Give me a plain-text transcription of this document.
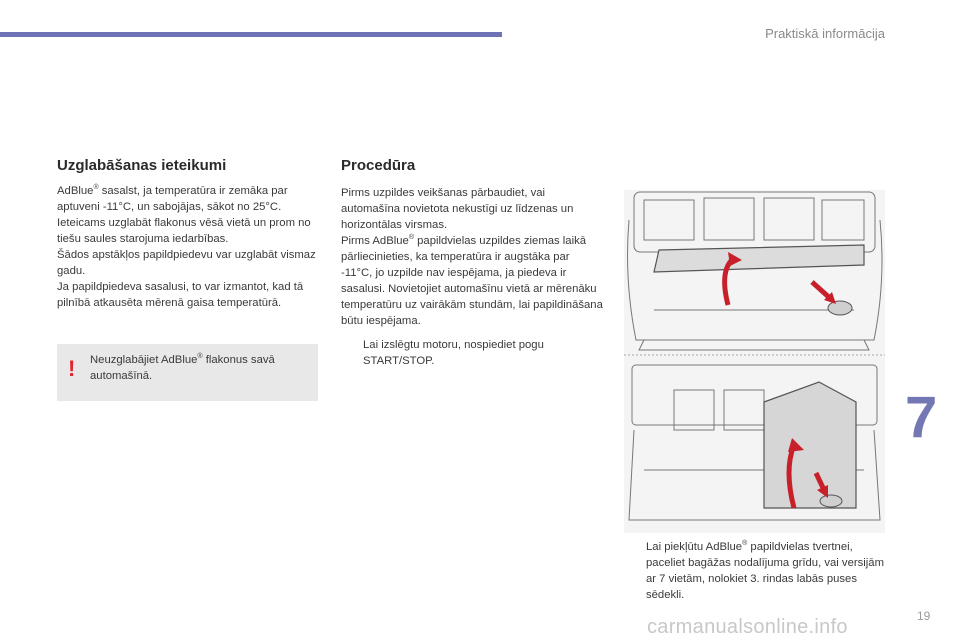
Praktiskā informācija
Uzglabāšanas ieteikumi

AdBlue® sasalst, ja temperatūra ir zemāka par aptuveni -11°C, un sabojājas, sākot no 25°C.

Ieteicams uzglabāt flakonus vēsā vietā un prom no tiešu saules starojuma iedarbības.

Šādos apstākļos papildpiedevu var uzglabāt vismaz gadu.

Ja papildpiedeva sasalusi, to var izmantot, kad tā pilnībā atkausēta mērenā gaisa temperatūrā.

!	Neuzglabājiet AdBlue® flakonus savā automašīnā.
Procedūra

Pirms uzpildes veikšanas pārbaudiet, vai automašīna novietota nekustīgi uz līdzenas un horizontālas virsmas.

Pirms AdBlue® papildvielas uzpildes ziemas laikā pārliecinieties, ka temperatūra ir augstāka par -11°C, jo uzpilde nav iespējama, ja piedeva ir sasalusi. Novietojiet automašīnu vietā ar mērenāku temperatūru uz vairākām stundām, lai papildināšana būtu iespējama.

Lai izslēgtu motoru, nospiediet pogu START/STOP.
Lai piekļūtu AdBlue® papildvielas tvertnei, paceliet bagāžas nodalījuma grīdu, vai versijām ar 7 vietām, nolokiet 3. rindas labās puses sēdekli.
7
carmanualsonline.info	19
